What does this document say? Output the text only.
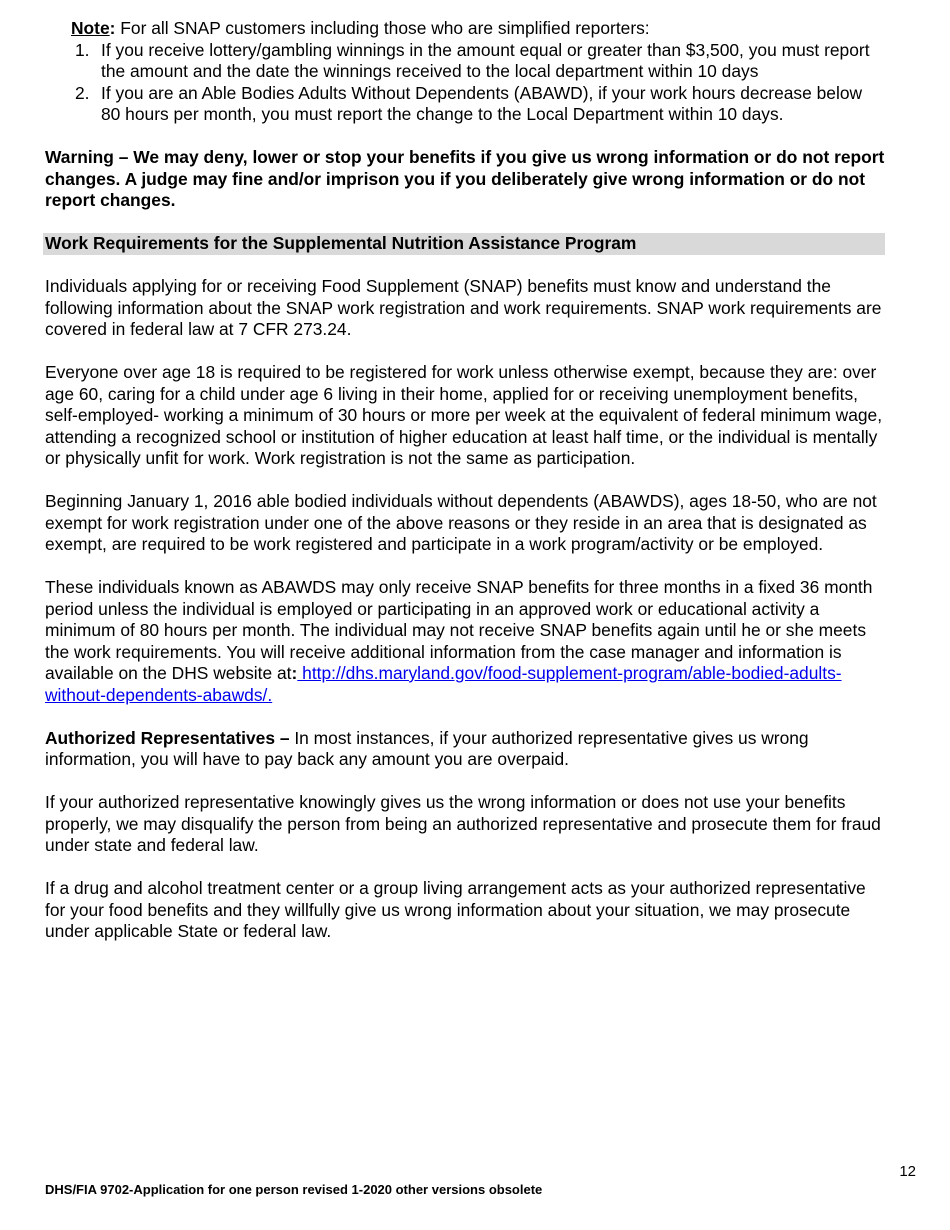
Note: For all SNAP customers including those who are simplified reporters:

1. If you receive lottery/gambling winnings in the amount equal or greater than $3,500, you must report the amount and the date the winnings received to the local department within 10 days
2. If you are an Able Bodies Adults Without Dependents (ABAWD), if your work hours decrease below 80 hours per month, you must report the change to the Local Department within 10 days.

Warning – We may deny, lower or stop your benefits if you give us wrong information or do not report changes. A judge may fine and/or imprison you if you deliberately give wrong information or do not report changes.

Work Requirements for the Supplemental Nutrition Assistance Program

Individuals applying for or receiving Food Supplement (SNAP) benefits must know and understand the following information about the SNAP work registration and work requirements. SNAP work requirements are covered in federal law at 7 CFR 273.24.

Everyone over age 18 is required to be registered for work unless otherwise exempt, because they are: over age 60, caring for a child under age 6 living in their home, applied for or receiving unemployment benefits, self-employed- working a minimum of 30 hours or more per week at the equivalent of federal minimum wage, attending a recognized school or institution of higher education at least half time, or the individual is mentally or physically unfit for work. Work registration is not the same as participation.

Beginning January 1, 2016 able bodied individuals without dependents (ABAWDS), ages 18-50, who are not exempt for work registration under one of the above reasons or they reside in an area that is designated as exempt, are required to be work registered and participate in a work program/activity or be employed.

These individuals known as ABAWDS may only receive SNAP benefits for three months in a fixed 36 month period unless the individual is employed or participating in an approved work or educational activity a minimum of 80 hours per month. The individual may not receive SNAP benefits again until he or she meets the work requirements. You will receive additional information from the case manager and information is available on the DHS website at: http://dhs.maryland.gov/food-supplement-program/able-bodied-adults-without-dependents-abawds/.

Authorized Representatives – In most instances, if your authorized representative gives us wrong information, you will have to pay back any amount you are overpaid.

If your authorized representative knowingly gives us the wrong information or does not use your benefits properly, we may disqualify the person from being an authorized representative and prosecute them for fraud under state and federal law.

If a drug and alcohol treatment center or a group living arrangement acts as your authorized representative for your food benefits and they willfully give us wrong information about your situation, we may prosecute under applicable State or federal law.

12
DHS/FIA 9702-Application for one person revised 1-2020 other versions obsolete
